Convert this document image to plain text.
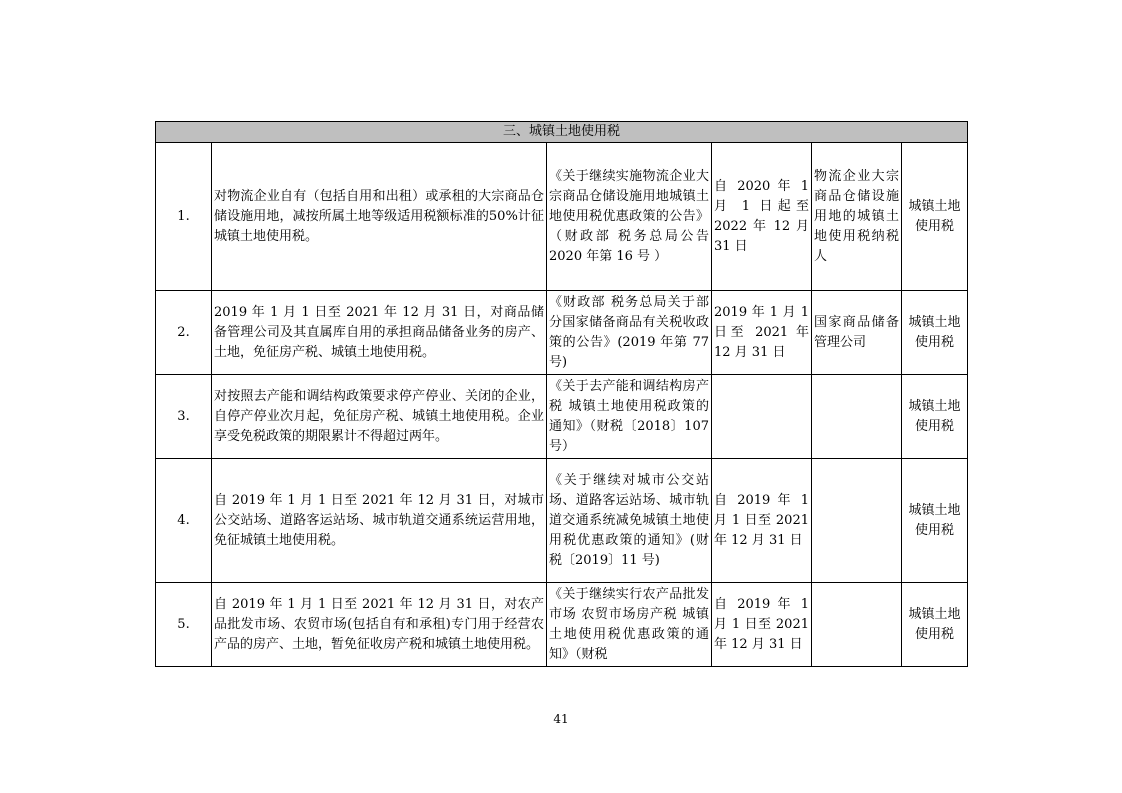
三、城镇土地使用税					
1.	对物流企业自有（包括自用和出租）或承租的大宗商品仓储设施用地，减按所属土地等级适用税额标准的50%计征城镇土地使用税。	《关于继续实施物流企业大宗商品仓储设施用地城镇土地使用税优惠政策的公告》（财政部 税务总局公告 2020 年第 16 号 ）	自 2020 年 1 月 1 日起至 2022 年 12 月 31 日	物流企业大宗商品仓储设施用地的城镇土地使用税纳税人	城镇土地使用税
2.	2019 年 1 月 1 日至 2021 年 12 月 31 日，对商品储备管理公司及其直属库自用的承担商品储备业务的房产、土地，免征房产税、城镇土地使用税。	《财政部 税务总局关于部分国家储备商品有关税收政策的公告》(2019 年第 77 号)	2019 年 1 月 1 日至 2021 年 12 月 31 日	国家商品储备管理公司	城镇土地使用税
3.	对按照去产能和调结构政策要求停产停业、关闭的企业，自停产停业次月起，免征房产税、城镇土地使用税。企业享受免税政策的期限累计不得超过两年。	《关于去产能和调结构房产税 城镇土地使用税政策的通知》（财税〔2018〕107 号）			城镇土地使用税
4.	自 2019 年 1 月 1 日至 2021 年 12 月 31 日，对城市公交站场、道路客运站场、城市轨道交通系统运营用地，免征城镇土地使用税。	《关于继续对城市公交站场、道路客运站场、城市轨道交通系统减免城镇土地使用税优惠政策的通知》(财税〔2019〕11 号)	自 2019 年 1 月 1 日至 2021 年 12 月 31 日		城镇土地使用税
5.	自 2019 年 1 月 1 日至 2021 年 12 月 31 日，对农产品批发市场、农贸市场(包括自有和承租)专门用于经营农产品的房产、土地，暂免征收房产税和城镇土地使用税。	《关于继续实行农产品批发市场 农贸市场房产税 城镇土地使用税优惠政策的通知》（财税	自 2019 年 1 月 1 日至 2021 年 12 月 31 日		城镇土地使用税
41
